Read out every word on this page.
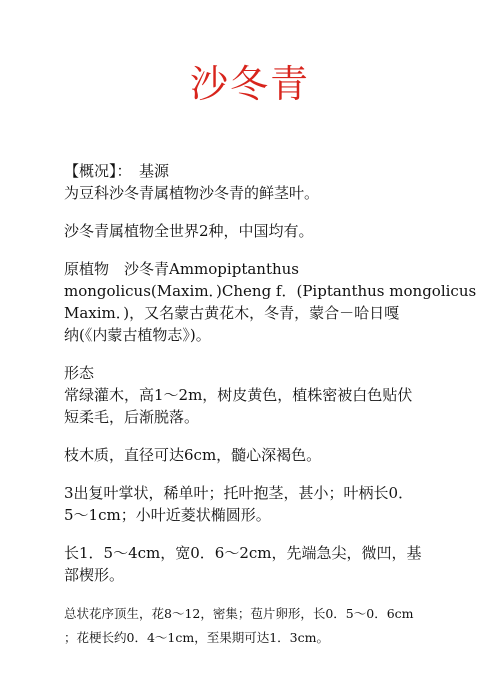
沙冬青

【概况】：　基源
为豆科沙冬青属植物沙冬青的鲜茎叶。

沙冬青属植物全世界2种，中国均有。

原植物　沙冬青Ammopiptanthus
mongolicus(Maxim．)Cheng f．(Piptanthus mongolicus
Maxim．)，又名蒙古黄花木，冬青，蒙合－哈日嘎
纳(《内蒙古植物志》)。

形态
常绿灌木，高1～2m，树皮黄色，植株密被白色贴伏
短柔毛，后渐脱落。

枝木质，直径可达6cm，髓心深褐色。

3出复叶掌状，稀单叶；托叶抱茎，甚小；叶柄长0．
5～1cm；小叶近菱状椭圆形。

长1．5～4cm，宽0．6～2cm，先端急尖，微凹，基
部楔形。

总状花序顶生，花8～12，密集；苞片卵形，长0．5～0．6cm
；花梗长约0．4～1cm，至果期可达1．3cm。
